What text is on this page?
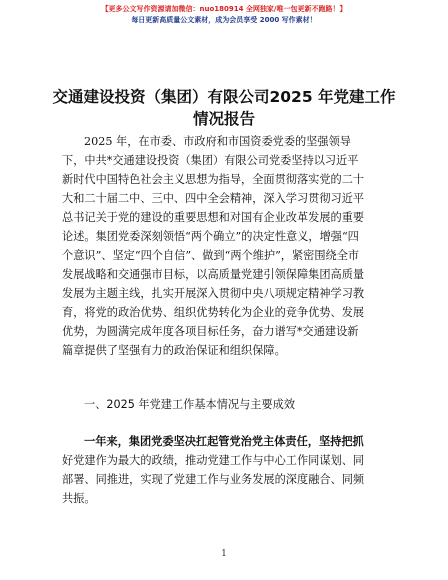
【更多公文写作资源请加微信：nuo180914 全网独家/唯一包更新不跑路！】
每日更新高质量公文素材，成为会员享受 2000 写作素材！
交通建设投资（集团）有限公司2025 年党建工作
情况报告
2025 年，在市委、市政府和市国资委党委的坚强领导
下，中共*交通建设投资（集团）有限公司党委坚持以习近平
新时代中国特色社会主义思想为指导，全面贯彻落实党的二十
大和二十届二中、三中、四中全会精神，深入学习贯彻习近平
总书记关于党的建设的重要思想和对国有企业改革发展的重要
论述。集团党委深刻领悟“两个确立”的决定性意义，增强“四
个意识”、坚定“四个自信”、做到“两个维护”，紧密围绕全市
发展战略和交通强市目标，以高质量党建引领保障集团高质量
发展为主题主线，扎实开展深入贯彻中央八项规定精神学习教
育，将党的政治优势、组织优势转化为企业的竞争优势、发展
优势，为圆满完成年度各项目标任务，奋力谱写*交通建设新
篇章提供了坚强有力的政治保证和组织保障。
一、2025 年党建工作基本情况与主要成效
一年来，集团党委坚决扛起管党治党主体责任，坚持把抓
好党建作为最大的政绩，推动党建工作与中心工作同谋划、同
部署、同推进，实现了党建工作与业务发展的深度融合、同频
共振。
1
